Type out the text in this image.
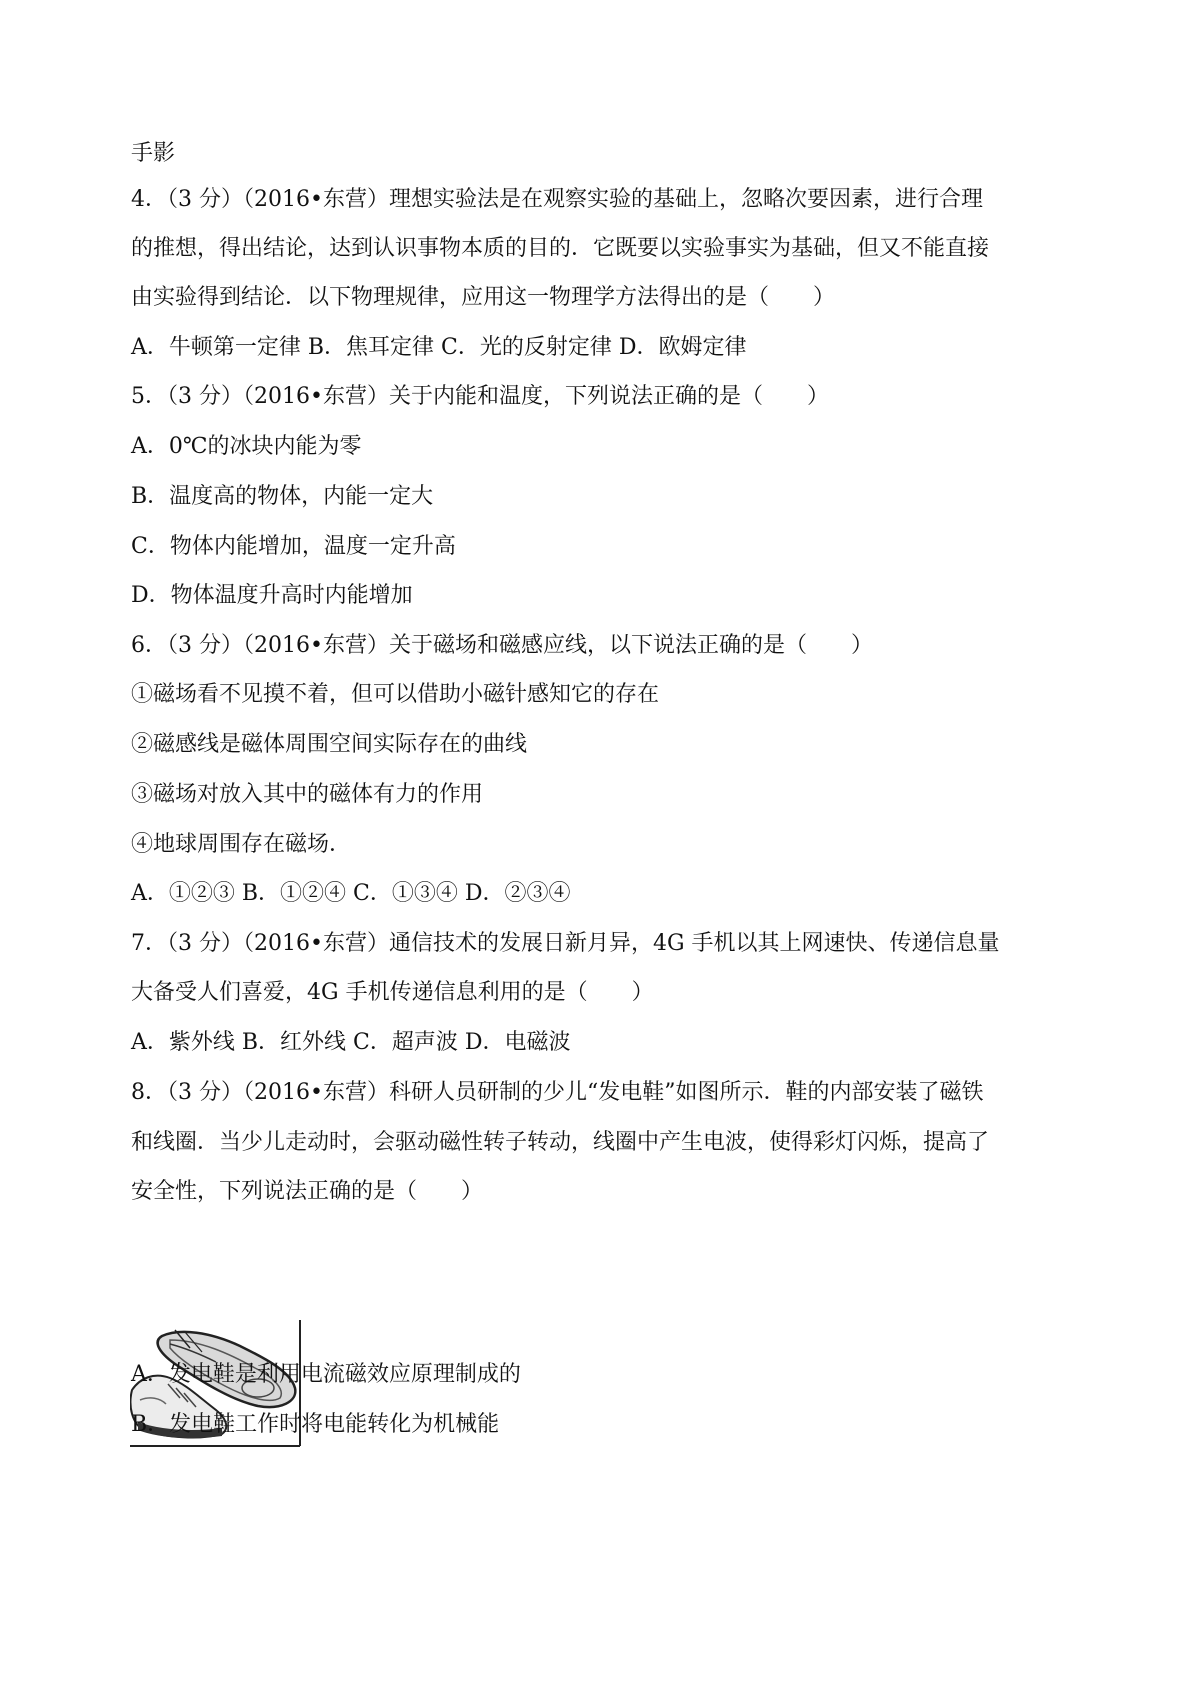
手影

4．（3 分）（2016•东营）理想实验法是在观察实验的基础上，忽略次要因素，进行合理

的推想，得出结论，达到认识事物本质的目的．它既要以实验事实为基础，但又不能直接

由实验得到结论．以下物理规律，应用这一物理学方法得出的是（　　）

A．牛顿第一定律 B．焦耳定律 C．光的反射定律 D．欧姆定律

5．（3 分）（2016•东营）关于内能和温度，下列说法正确的是（　　）

A．0℃的冰块内能为零

B．温度高的物体，内能一定大

C．物体内能增加，温度一定升高

D．物体温度升高时内能增加

6．（3 分）（2016•东营）关于磁场和磁感应线，以下说法正确的是（　　）

①磁场看不见摸不着，但可以借助小磁针感知它的存在

②磁感线是磁体周围空间实际存在的曲线

③磁场对放入其中的磁体有力的作用

④地球周围存在磁场．

A．①②③ B．①②④ C．①③④ D．②③④

7．（3 分）（2016•东营）通信技术的发展日新月异，4G 手机以其上网速快、传递信息量

大备受人们喜爱，4G 手机传递信息利用的是（　　）

A．紫外线 B．红外线 C．超声波 D．电磁波

8．（3 分）（2016•东营）科研人员研制的少儿“发电鞋”如图所示．鞋的内部安装了磁铁

和线圈．当少儿走动时，会驱动磁性转子转动，线圈中产生电波，使得彩灯闪烁，提高了

安全性，下列说法正确的是（　　）

A．发电鞋是利用电流磁效应原理制成的

B．发电鞋工作时将电能转化为机械能
